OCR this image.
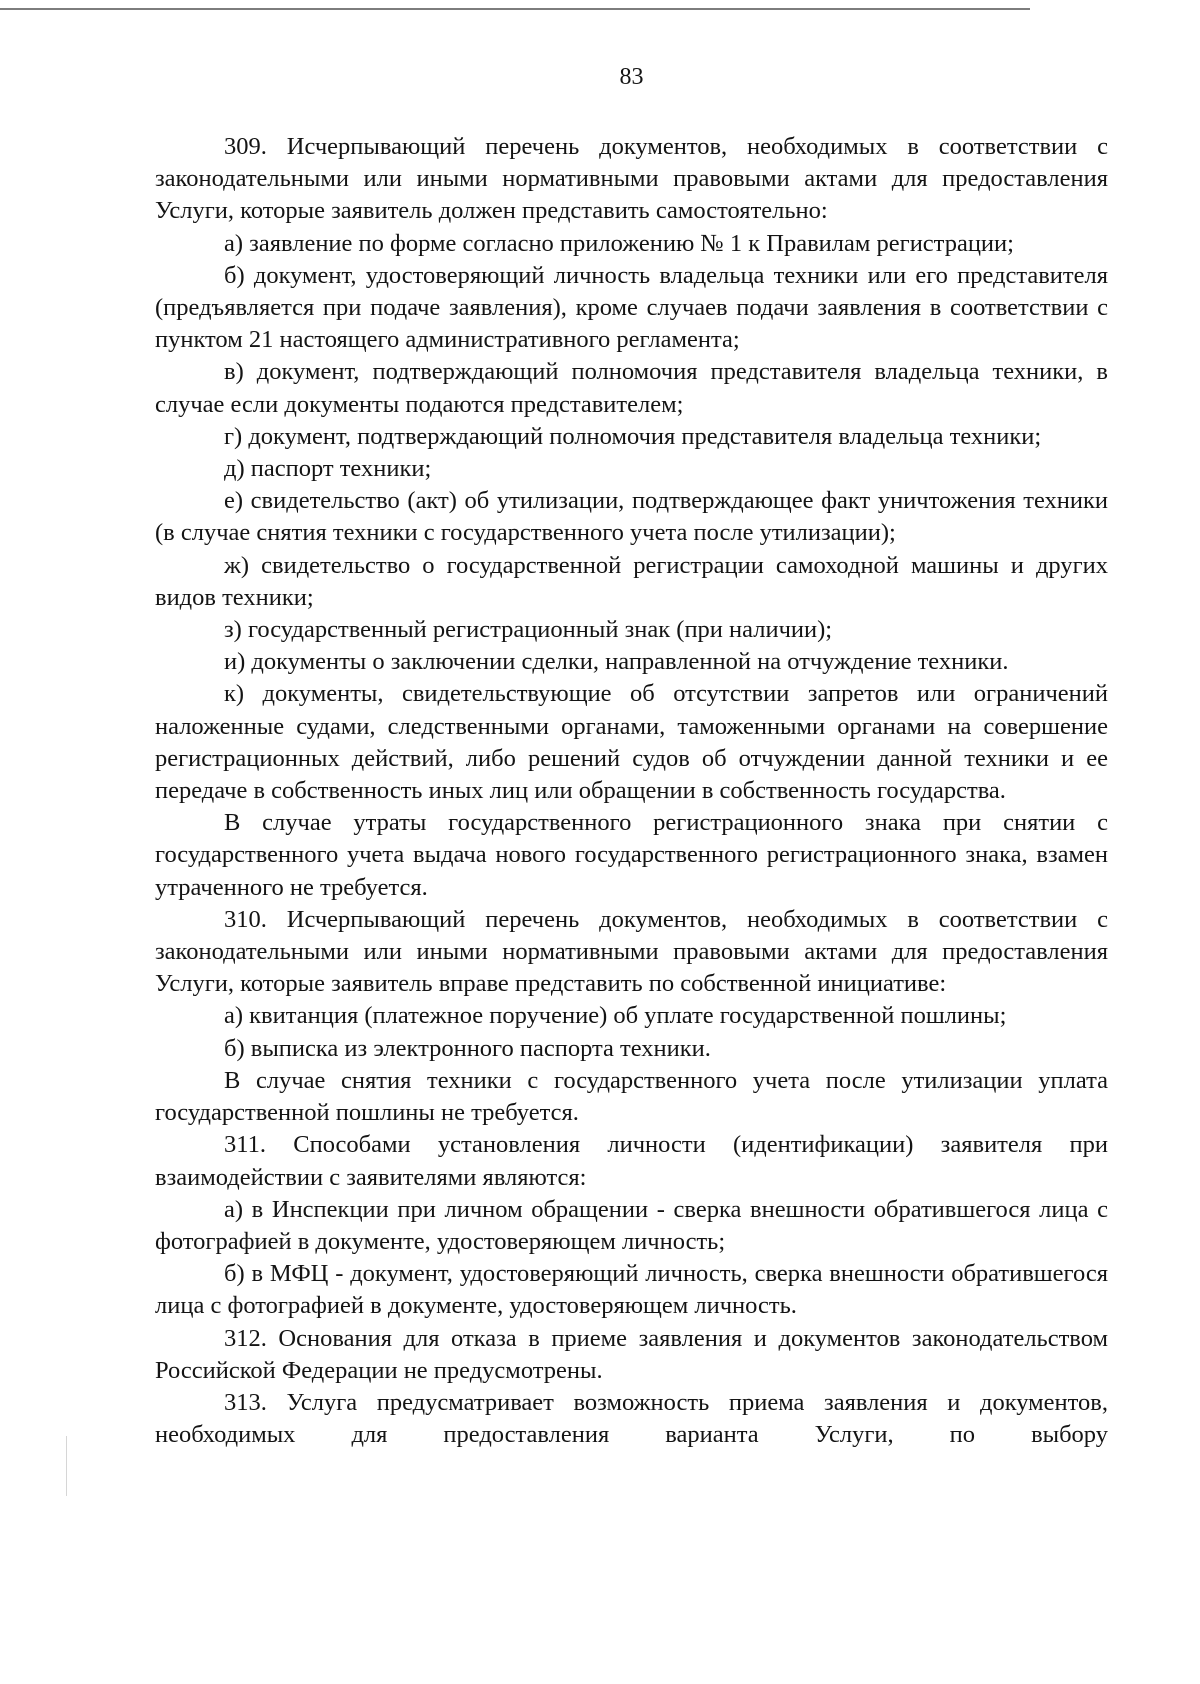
83

309. Исчерпывающий перечень документов, необходимых в соответствии с законодательными или иными нормативными правовыми актами для предоставления Услуги, которые заявитель должен представить самостоятельно:

а) заявление по форме согласно приложению № 1 к Правилам регистрации;

б) документ, удостоверяющий личность владельца техники или его представителя (предъявляется при подаче заявления), кроме случаев подачи заявления в соответствии с пунктом 21 настоящего административного регламента;

в) документ, подтверждающий полномочия представителя владельца техники, в случае если документы подаются представителем;

г) документ, подтверждающий полномочия представителя владельца техники;

д) паспорт техники;

е) свидетельство (акт) об утилизации, подтверждающее факт уничтожения техники (в случае снятия техники с государственного учета после утилизации);

ж) свидетельство о государственной регистрации самоходной машины и других видов техники;

з) государственный регистрационный знак (при наличии);

и) документы о заключении сделки, направленной на отчуждение техники.

к) документы, свидетельствующие об отсутствии запретов или ограничений наложенные судами, следственными органами, таможенными органами на совершение регистрационных действий, либо решений судов об отчуждении данной техники и ее передаче в собственность иных лиц или обращении в собственность государства.

В случае утраты государственного регистрационного знака при снятии с государственного учета выдача нового государственного регистрационного знака, взамен утраченного не требуется.

310. Исчерпывающий перечень документов, необходимых в соответствии с законодательными или иными нормативными правовыми актами для предоставления Услуги, которые заявитель вправе представить по собственной инициативе:

а) квитанция (платежное поручение) об уплате государственной пошлины;

б) выписка из электронного паспорта техники.

В случае снятия техники с государственного учета после утилизации уплата государственной пошлины не требуется.

311. Способами установления личности (идентификации) заявителя при взаимодействии с заявителями являются:

а) в Инспекции при личном обращении - сверка внешности обратившегося лица с фотографией в документе, удостоверяющем личность;

б) в МФЦ - документ, удостоверяющий личность, сверка внешности обратившегося лица с фотографией в документе, удостоверяющем личность.

312. Основания для отказа в приеме заявления и документов законодательством Российской Федерации не предусмотрены.

313. Услуга предусматривает возможность приема заявления и документов, необходимых для предоставления варианта Услуги, по выбору
